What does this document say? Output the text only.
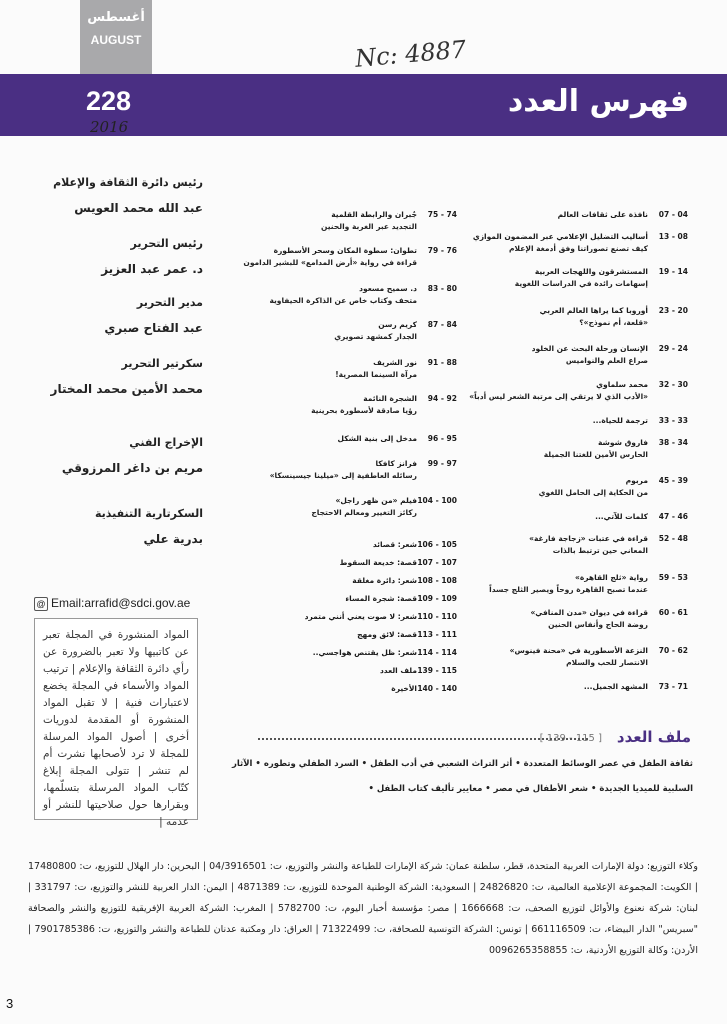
أغسطس
AUGUST	Nc: 4887
228	فهرس العدد
2016
رئيس دائرة الثقافة والإعلام
عبد الله محمد العويس
رئيس التحرير
د. عمر عبد العزيز
مدير التحرير
عبد الفتاح صبري
سكرتير التحرير
محمد الأمين محمد المختار
الإخراج الفني
مريم بن داغر المرزوقي
السكرتارية التنفيذية
بدرية علي
07 - 04
نافذة على ثقافات العالم
13 - 08
أساليب التضليل الإعلامي عبر المضمون الموازي
كيف تصنع تصوراتنا وفق أدمغة الإعلام
19 - 14
المستشرقون واللهجات العربية
إسهامات رائدة في الدراسات اللغوية
23 - 20
أوروبا كما يراها العالم العربي
«قلعة، أم نموذج»؟
29 - 24
الإنسان ورحلة البحث عن الخلود
صراع العلم والنواميس
32 - 30
محمد سلماوي
«الأدب الذي لا يرتقي إلى مرتبة الشعر ليس أدباً»
33 - 33
ترجمة للحياة...
38 - 34
فاروق شوشة
الحارس الأمين للغتنا الجميلة
45 - 39
مربوم
من الحكاية إلى الحامل اللغوي
47 - 46
كلمات للآتي...
52 - 48
قراءة في عتبات «زجاجة فارغة»
المعاني حين ترتبط بالذات
59 - 53
رواية «ثلج القاهرة»
عندما تصبح القاهرة روحاً ويصير الثلج جسداً
60 - 61
قراءة في ديوان «مدن المنافي»
روضة الحاج وأنفاس الحنين
70 - 62
النزعة الأسطورية في «محنة فينوس»
الانتصار للحب والسلام
73 - 71
المشهد الجميل...
75 - 74
جُبران والرابطة القلمية
التجديد عبر الغربة والحنين
79 - 76
تطوان: سطوة المكان وسحر الأسطورة
قراءة في رواية «أرض المدامع» للبشير الدامون
83 - 80
د. سميح مسعود
متحف وكتاب خاص عن الذاكرة الحيفاوية
87 - 84
كريم رسن
الجدار كمشهد تصويري
91 - 88
نور الشريف
مرآة السينما المصرية!
94 - 92
الشجرة النائمة
رؤيا صادقة لأسطورة بحرينية
96 - 95
مدخل إلى بنية الشكل
99 - 97
فرانز كافكا
رسائله العاطفية إلى «ميلينا جيسينسكا»
104 - 100
فيلم «من ظهر راجل»
ركائز التغيير ومعالم الاحتجاج
106 - 105
شعر: قصائد
107 - 107
قصة: خديعة السقوط
108 - 108
شعر: دائرة مغلقة
109 - 109
قصة: شجرة المساء
110 - 110
شعر: لا صوت يعني أنني متمرد
113 - 111
قصة: لائق ومهج
114 - 114
شعر: ظل يقتنص هواجسي..
139 - 115
ملف العدد
140 - 140
الأخيرة
@ Email:arrafid@sdci.gov.ae
المواد المنشورة في المجلة تعبر عن كاتبيها ولا تعبر بالضرورة عن رأي دائرة الثقافة والإعلام | ترتيب المواد والأسماء في المجلة يخضع لاعتبارات فنية | لا تقبل المواد المنشورة أو المقدمة لدوريات أخرى | أصول المواد المرسلة للمجلة لا ترد لأصحابها نشرت أم لم تنشر | تتولى المجلة إبلاغ كتّاب المواد المرسلة بتسلّمها، وبقرارها حول صلاحيتها للنشر أو عدمه |
ملف العدد
[ 115 - 139 ]
ثقافة الطفل في عصر الوسائط المتعددة • أثر التراث الشعبي في أدب الطفل • السرد الطفلي وتطوره • الآثار
السلبية للميديا الجديدة • شعر الأطفال في مصر • معايير تأليف كتاب الطفل •
وكلاء التوزيع: دولة الإمارات العربية المتحدة، قطر، سلطنة عمان: شركة الإمارات للطباعة والنشر والتوزيع، ت: 04/3916501 | البحرين: دار الهلال للتوزيع، ت: 17480800 | الكويت: المجموعة الإعلامية العالمية، ت: 24826820 | السعودية: الشركة الوطنية الموحدة للتوزيع، ت: 4871389 | اليمن: الدار العربية للنشر والتوزيع، ت: 331797 | لبنان: شركة نعنوع والأوائل لتوزيع الصحف، ت: 1666668 | مصر: مؤسسة أخبار اليوم، ت: 5782700 | المغرب: الشركة العربية الإفريقية للتوزيع والنشر والصحافة "سبريس" الدار البيضاء، ت: 661116509 | تونس: الشركة التونسية للصحافة، ت: 71322499 | العراق: دار ومكتبة عدنان للطباعة والنشر والتوزيع، ت: 7901785386 | الأردن: وكالة التوزيع الأردنية، ت: 0096265358855
3
